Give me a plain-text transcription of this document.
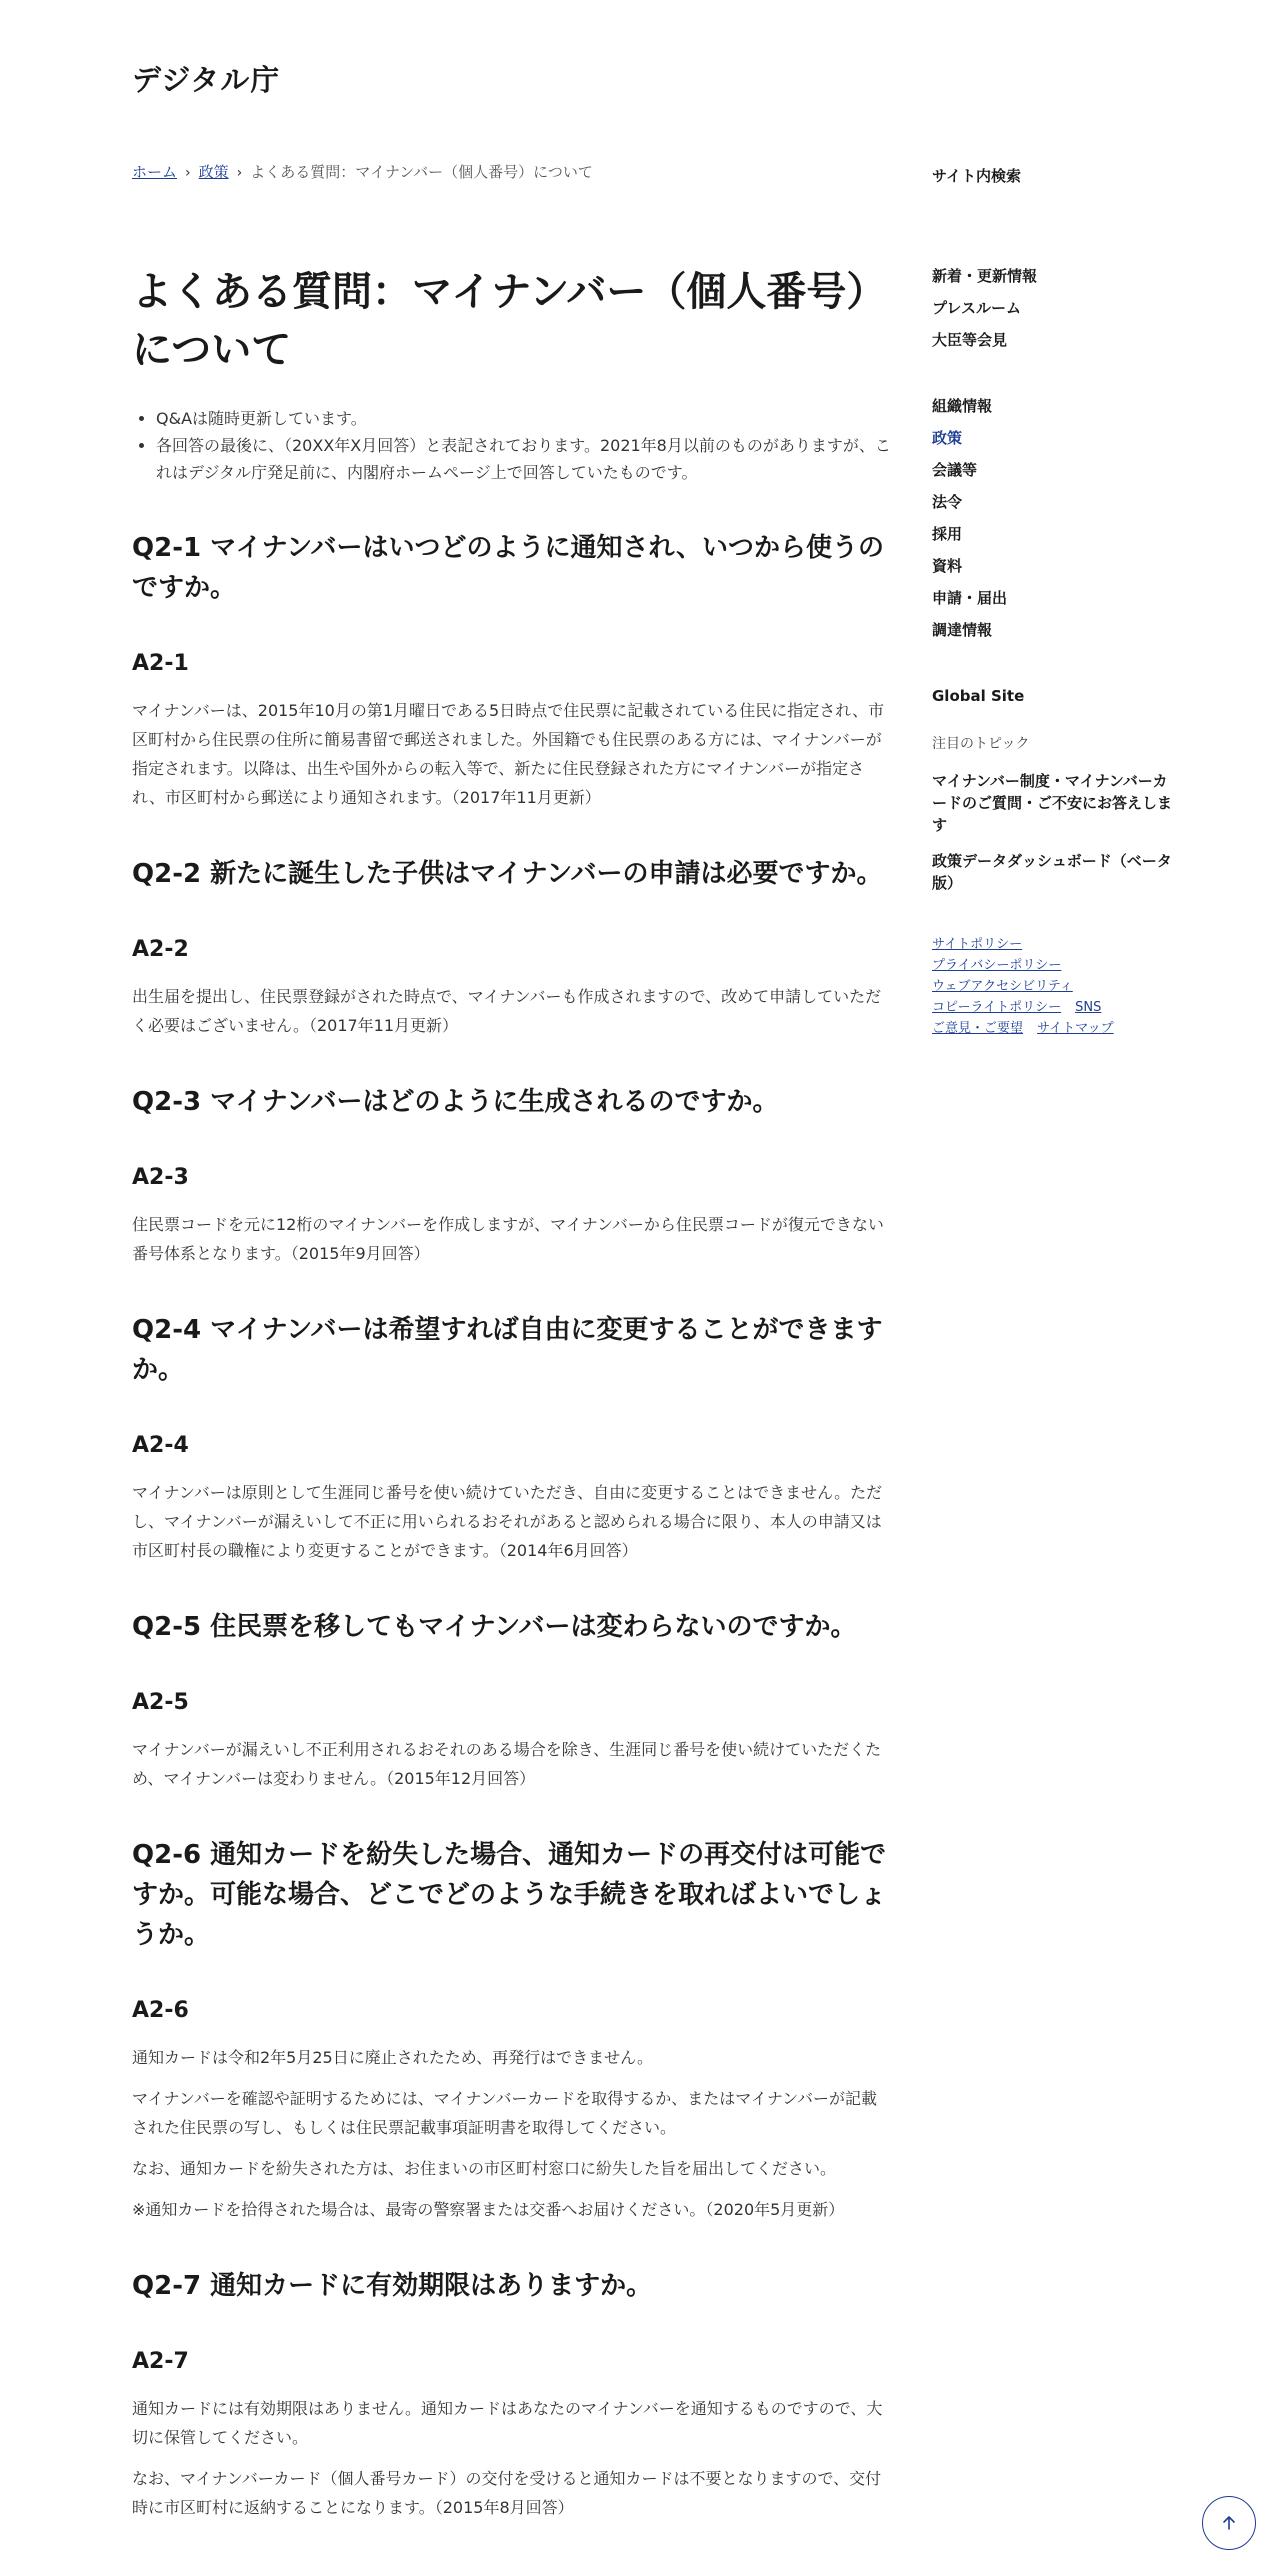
デジタル庁
ホーム › 政策 › よくある質問：マイナンバー（個人番号）について
よくある質問：マイナンバー（個人番号）について
• Q&Aは随時更新しています。
• 各回答の最後に、（20XX年X月回答）と表記されております。2021年8月以前のものがありますが、これはデジタル庁発足前に、内閣府ホームページ上で回答していたものです。
Q2-1 マイナンバーはいつどのように通知され、いつから使うのですか。
A2-1

マイナンバーは、2015年10月の第1月曜日である5日時点で住民票に記載されている住民に指定され、市区町村から住民票の住所に簡易書留で郵送されました。外国籍でも住民票のある方には、マイナンバーが指定されます。以降は、出生や国外からの転入等で、新たに住民登録された方にマイナンバーが指定され、市区町村から郵送により通知されます。（2017年11月更新）

Q2-2 新たに誕生した子供はマイナンバーの申請は必要ですか。
A2-2

出生届を提出し、住民票登録がされた時点で、マイナンバーも作成されますので、改めて申請していただく必要はございません。（2017年11月更新）

Q2-3 マイナンバーはどのように生成されるのですか。
A2-3

住民票コードを元に12桁のマイナンバーを作成しますが、マイナンバーから住民票コードが復元できない番号体系となります。（2015年9月回答）

Q2-4 マイナンバーは希望すれば自由に変更することができますか。
A2-4

マイナンバーは原則として生涯同じ番号を使い続けていただき、自由に変更することはできません。ただし、マイナンバーが漏えいして不正に用いられるおそれがあると認められる場合に限り、本人の申請又は市区町村長の職権により変更することができます。（2014年6月回答）

Q2-5 住民票を移してもマイナンバーは変わらないのですか。
A2-5

マイナンバーが漏えいし不正利用されるおそれのある場合を除き、生涯同じ番号を使い続けていただくため、マイナンバーは変わりません。（2015年12月回答）

Q2-6 通知カードを紛失した場合、通知カードの再交付は可能ですか。可能な場合、どこでどのような手続きを取ればよいでしょうか。
A2-6

通知カードは令和2年5月25日に廃止されたため、再発行はできません。

マイナンバーを確認や証明するためには、マイナンバーカードを取得するか、またはマイナンバーが記載された住民票の写し、もしくは住民票記載事項証明書を取得してください。

なお、通知カードを紛失された方は、お住まいの市区町村窓口に紛失した旨を届出してください。

※通知カードを拾得された場合は、最寄の警察署または交番へお届けください。（2020年5月更新）

Q2-7 通知カードに有効期限はありますか。
A2-7

通知カードには有効期限はありません。通知カードはあなたのマイナンバーを通知するものですので、大切に保管してください。

なお、マイナンバーカード（個人番号カード）の交付を受けると通知カードは不要となりますので、交付時に市区町村に返納することになります。（2015年8月回答）

サイト内検索
新着・更新情報
プレスルーム
大臣等会見
組織情報
政策
会議等
法令
採用
資料
申請・届出
調達情報
Global Site
注目のトピック
マイナンバー制度・マイナンバーカードのご質問・ご不安にお答えします
政策データダッシュボード（ベータ版）
サイトポリシー
プライバシーポリシー
ウェブアクセシビリティ
コピーライトポリシー SNS
ご意見・ご要望 サイトマップ
